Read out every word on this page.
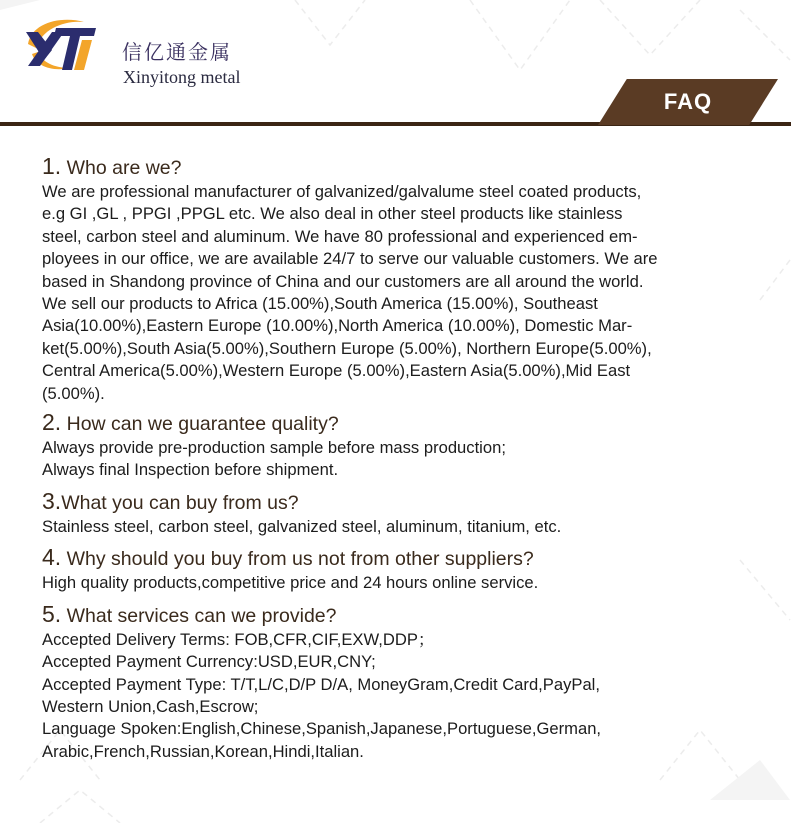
信亿通金属
Xinyitong metal
FAQ

1. Who are we?

We are professional manufacturer of galvanized/galvalume steel coated products,

e.g GI ,GL , PPGI ,PPGL etc. We also deal in other steel products like stainless

steel, carbon steel and aluminum. We have 80 professional and experienced em-

ployees in our office, we are available 24/7 to serve our valuable customers. We are

based in Shandong province of China and our customers are all around the world.

We sell our products to Africa (15.00%),South America (15.00%), Southeast

Asia(10.00%),Eastern Europe (10.00%),North America (10.00%), Domestic Mar-

ket(5.00%),South Asia(5.00%),Southern Europe (5.00%), Northern Europe(5.00%),

Central America(5.00%),Western Europe (5.00%),Eastern Asia(5.00%),Mid East

(5.00%).

2. How can we guarantee quality?

Always provide pre-production sample before mass production;

Always final Inspection before shipment.

3.What you can buy from us?

Stainless steel, carbon steel, galvanized steel, aluminum, titanium, etc.

4. Why should you buy from us not from other suppliers?

High quality products,competitive price and 24 hours online service.

5. What services can we provide?

Accepted Delivery Terms: FOB,CFR,CIF,EXW,DDP；

Accepted Payment Currency:USD,EUR,CNY;

Accepted Payment Type: T/T,L/C,D/P D/A, MoneyGram,Credit Card,PayPal,

Western Union,Cash,Escrow;

Language Spoken:English,Chinese,Spanish,Japanese,Portuguese,German,

Arabic,French,Russian,Korean,Hindi,Italian.
